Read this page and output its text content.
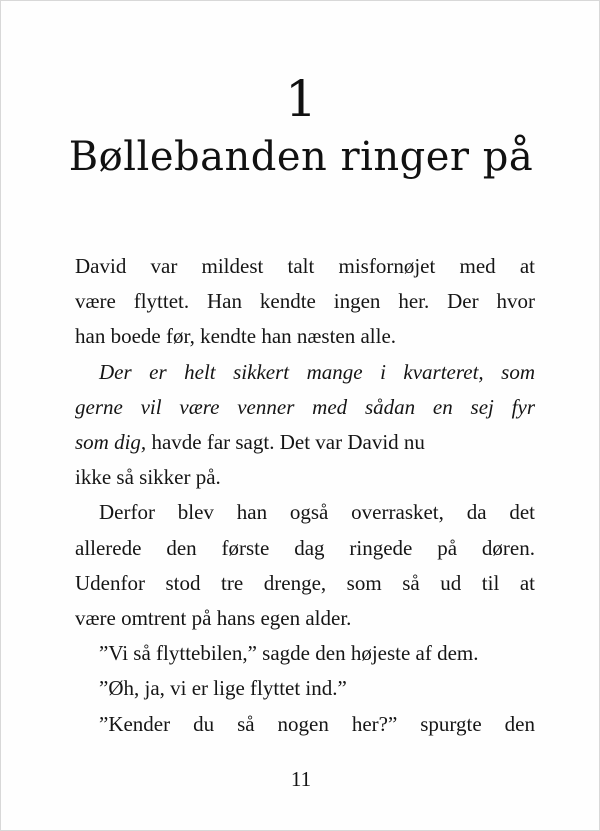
1
Bøllebanden ringer på

David var mildest talt misfornøjet med at
være flyttet. Han kendte ingen her. Der hvor
han boede før, kendte han næsten alle.

Der er helt sikkert mange i kvarteret, som
gerne vil være venner med sådan en sej fyr
som dig, havde far sagt. Det var David nu
ikke så sikker på.

Derfor blev han også overrasket, da det
allerede den første dag ringede på døren.
Udenfor stod tre drenge, som så ud til at
være omtrent på hans egen alder.

”Vi så flyttebilen,” sagde den højeste af dem.

”Øh, ja, vi er lige flyttet ind.”

”Kender du så nogen her?” spurgte den

11
